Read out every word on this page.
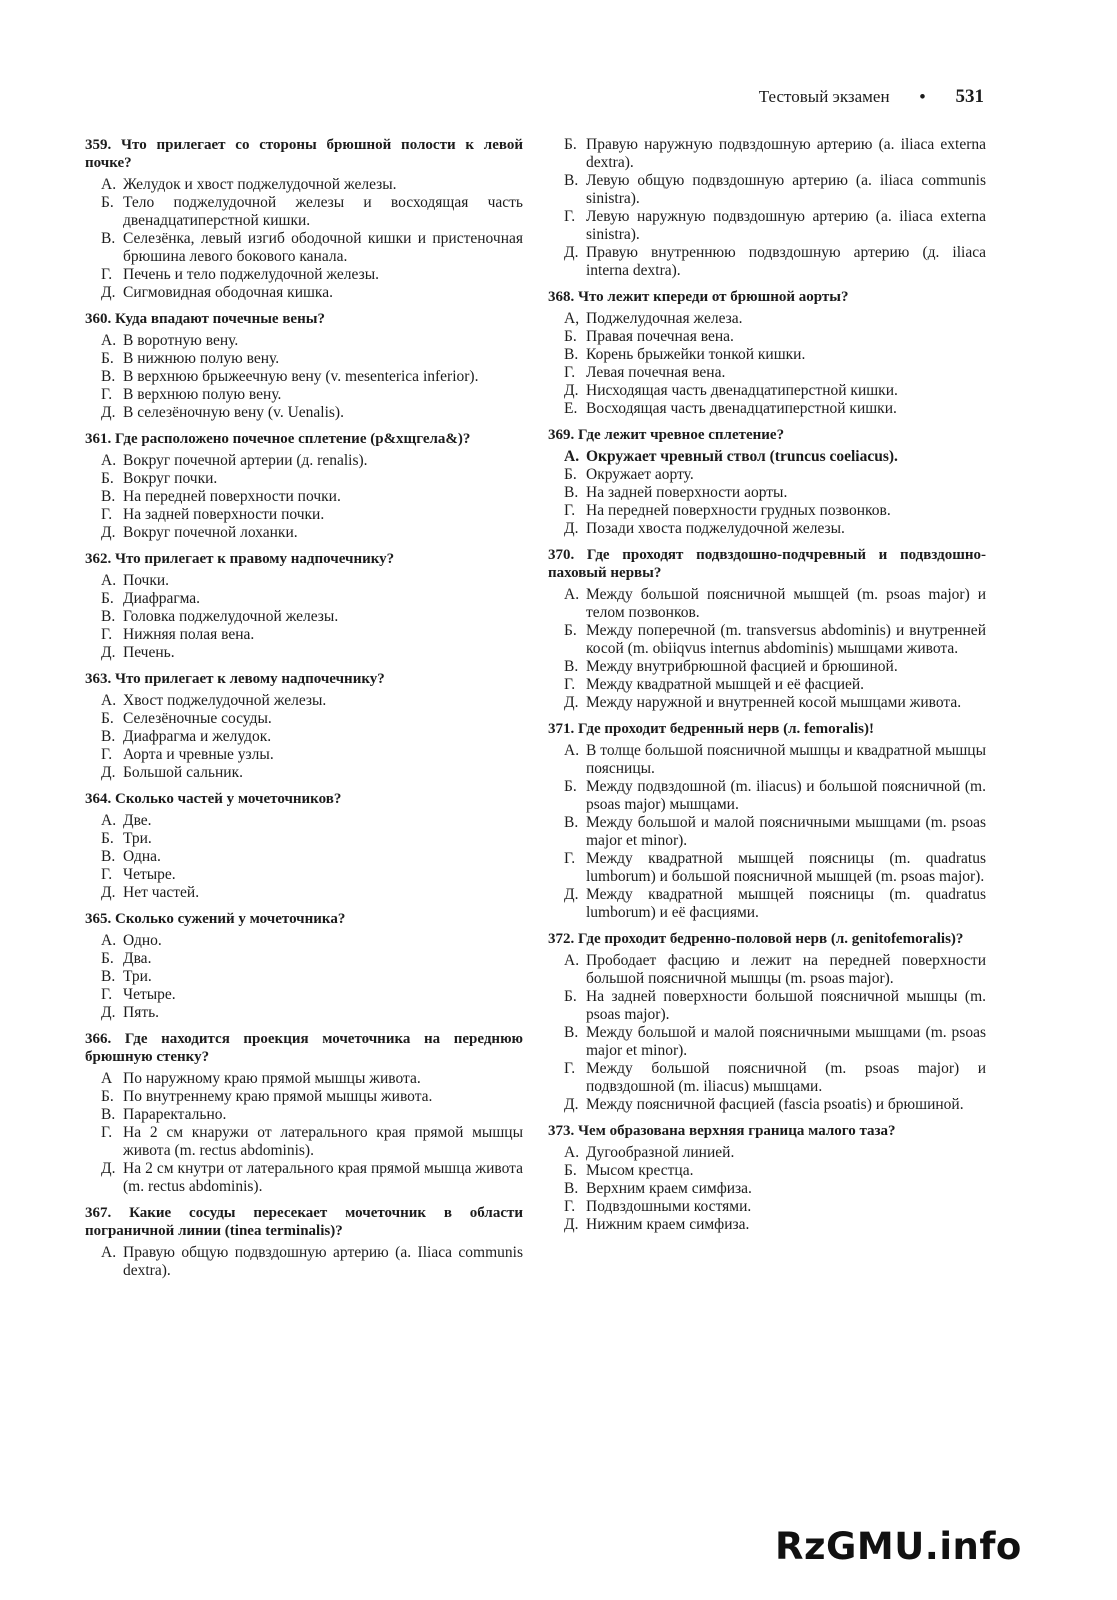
Тестовый экзамен • 531
359. Что прилегает со стороны брюшной полости к левой почке?
А. Желудок и хвост поджелудочной железы.
Б. Тело поджелудочной железы и восходящая часть двенадцатиперстной кишки.
В. Селезёнка, левый изгиб ободочной кишки и пристеночная брюшина левого бокового канала.
Г. Печень и тело поджелудочной железы.
Д. Сигмовидная ободочная кишка.
360. Куда впадают почечные вены?
А. В воротную вену.
Б. В нижнюю полую вену.
В. В верхнюю брыжеечную вену (v. mesenterica inferior).
Г. В верхнюю полую вену.
Д. В селезёночную вену (v. Uenalis).
361. Где расположено почечное сплетение (p&хщгела&)?
А. Вокруг почечной артерии (д. renalis).
Б. Вокруг почки.
В. На передней поверхности почки.
Г. На задней поверхности почки.
Д. Вокруг почечной лоханки.
362. Что прилегает к правому надпочечнику?
А. Почки.
Б. Диафрагма.
В. Головка поджелудочной железы.
Г. Нижняя полая вена.
Д. Печень.
363. Что прилегает к левому надпочечнику?
А. Хвост поджелудочной железы.
Б. Селезёночные сосуды.
В. Диафрагма и желудок.
Г. Аорта и чревные узлы.
Д. Большой сальник.
364. Сколько частей у мочеточников?
А. Две.
Б. Три.
В. Одна.
Г. Четыре.
Д. Нет частей.
365. Сколько сужений у мочеточника?
А. Одно.
Б. Два.
В. Три.
Г. Четыре.
Д. Пять.
366. Где находится проекция мочеточника на переднюю брюшную стенку?
А По наружному краю прямой мышцы живота.
Б. По внутреннему краю прямой мышцы живота.
В. Параректально.
Г. На 2 см кнаружи от латерального края прямой мышцы живота (m. rectus abdominis).
Д. На 2 см кнутри от латерального края прямой мышца живота (m. rectus abdominis).
367. Какие сосуды пересекает мочеточник в области пограничной линии (tinea terminalis)?
А. Правую общую подвздошную артерию (a. Iliaca communis dextra).
Б. Правую наружную подвздошную артерию (a. iliaca externa dextra).
В. Левую общую подвздошную артерию (a. iliaca communis sinistra).
Г. Левую наружную подвздошную артерию (a. iliaca externa sinistra).
Д. Правую внутреннюю подвздошную артерию (д. iliaca interna dextra).
368. Что лежит кпереди от брюшной аорты?
А, Поджелудочная железа.
Б. Правая почечная вена.
В. Корень брыжейки тонкой кишки.
Г. Левая почечная вена.
Д. Нисходящая часть двенадцатиперстной кишки.
Е. Восходящая часть двенадцатиперстной кишки.
369. Где лежит чревное сплетение?
А. Окружает чревный ствол (truncus coeliacus).
Б. Окружает аорту.
В. На задней поверхности аорты.
Г. На передней поверхности грудных позвонков.
Д. Позади хвоста поджелудочной железы.
370. Где проходят подвздошно-подчревный и подвздошно-паховый нервы?
А. Между большой поясничной мышцей (m. psoas major) и телом позвонков.
Б. Между поперечной (m. transversus abdominis) и внутренней косой (m. obiiqvus internus abdominis) мышцами живота.
В. Между внутрибрюшной фасцией и брюшиной.
Г. Между квадратной мышцей и её фасцией.
Д. Между наружной и внутренней косой мышцами живота.
371. Где проходит бедренный нерв (л. femoralis)!
А. В толще большой поясничной мышцы и квадратной мышцы поясницы.
Б. Между подвздошной (m. iliacus) и большой поясничной (m. psoas major) мышцами.
В. Между большой и малой поясничными мышцами (m. psoas major et minor).
Г. Между квадратной мышцей поясницы (m. quadratus lumborum) и большой поясничной мышцей (m. psoas major).
Д. Между квадратной мышцей поясницы (m. quadratus lumborum) и её фасциями.
372. Где проходит бедренно-половой нерв (л. genitofemoralis)?
А. Прободает фасцию и лежит на передней поверхности большой поясничной мышцы (m. psoas major).
Б. На задней поверхности большой поясничной мышцы (m. psoas major).
В. Между большой и малой поясничными мышцами (m. psoas major et minor).
Г. Между большой поясничной (m. psoas major) и подвздошной (m. iliacus) мышцами.
Д. Между поясничной фасцией (fascia psoatis) и брюшиной.
373. Чем образована верхняя граница малого таза?
А. Дугообразной линией.
Б. Мысом крестца.
В. Верхним краем симфиза.
Г. Подвздошными костями.
Д. Нижним краем симфиза.
RzGMU.info
